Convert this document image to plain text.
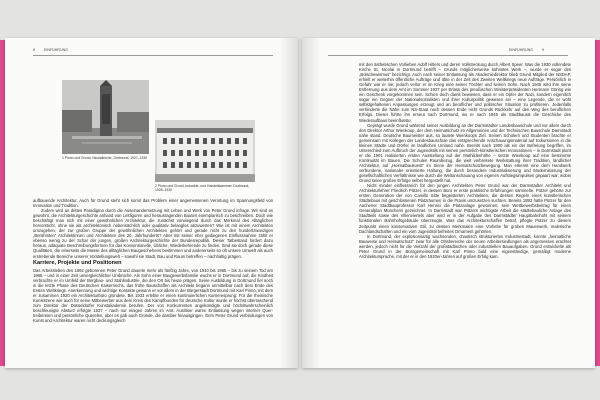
8	EINFÜHRUNG
1 Pinno und Grund, Nicolaikirche, Dortmund, 1927–1930
2 Pinno und Grund, Industrie- und Handelskammer, Dortmund, 1928–1930

aufbauende Architektur. Auch für Grund steht sich somit das Problem einer angemessenen Verortung im Spannungsfeld von Innovation und Tradition.

Zudem wird an drittes Paradigma durch die Auseinandersetzung mit Leben und Werk von Peter Grund infrage. Wir sind es gewohnt, die Architekturgeschichte anhand von Leitfiguren und herausragenden Bauten exemplarisch zu beschreiben. Doch wie beschäftigt man sich mit einer gewöhnlichen Architektur, die zunächst vorwiegend durch das Merkmal des Alltäglichen hervorsticht, ohne sie als architektonisch nebensächlich oder qualitativ belanglos abzuwerten? Wie ist mit einem Architekten umzugehen, der zur großen Gruppe der gewöhnlichen Architekten gehört und gerade nicht zu den hundertzwanzigen „Berühmten“ Architektinnen und Architekten des 20. Jahrhunderts? Aber mit seiner eher gediegenen Einflussnahme zählt er ebenso wenig zu der Schar der jungen, großen Architekturgeschichte der Bundesrepublik. Dieser Tatbestand fordert dazu heraus, adäquate Beschreibungsformen für das Konventionelle, Übliche, Wiederkehrende zu finden. Sind sie doch gerade diese Qualitäten, die einerseits die Masse des alltäglichen Baugeschehens bestimmen und andererseits so oft unsere Umwelt als auch erstrebende Bereiche unserer Vorstellungswelt – sowohl sie Stadt, Bau und Raum betreffen – nachhaltig prägen.

Karriere, Projekte und Positionen

Das Arbeitsleben des 1892 geborenen Peter Grund dauerte mehr als fünfzig Jahre, von 1910 bis 1965 – bis zu seinem Tod am 1966 – und in einer Zeit unvergleichlicher Umbrüche. Als Sohn einer Baugewerbsfamilie wuchs er in Dortmund auf; die Kindheit verbrachte er im Umfeld der Bergbau- und Stahlindustrie, die den Ort bis heute prägen. Seine Ausbildung in Dortmund fiel noch in die letzte Phase des Deutschen Kaiserreichs, das frühe Bauschaffen als Architekt begann unmittelbar nach dem Ende des Ersten Weltkriegs. Anerkennung und wichtige Kontakte gewann er vor allem in der Bürgerstadt Dortmund mit Karl Pinno, mit dem er zusammen 1920 ein Architekturbüro gründete. Bis 1933 erlebte er einen kontinuierlichen Karrieresprung: Für die rheinische Kunstszene wie auch für seine Mitbewerber aus dem Kreis des Kampfbundes für deutsche Kultur wurde er höchst überraschend zum Direktor der Düsseldorfer Kunstakademie berufen. Der von Konkurrenten angekündigte und höchstwahrscheinlich beschleunigte Absturz erfolgte 1937 – nach nur einigen Jahren im Amt. Auslöser waren Entlassung wegen interner Quer-treibereien und persönliche Querelen, aber es gab auch Gründe, die darüber hinausgingen. Dem Peter Grund verbindungen von Kunst und Architektur waren nicht deckungsgleich

EINFÜHRUNG	9

mit den ästhetischen Vorlieben Adolf Hitlers und deren Vollstreckung durch Albert Speer. Was die 1930 vollendete Kirche St. Nicolai in Dortmund betrifft – Grunds möglicherweise kühnstes Werk –, wurde er sogar des „Bolschewismus“ bezichtigt. Auch nach seiner Entlassung als Akademiedirektor blieb Grund Mitglied der NSDAP, erhielt er weiterhin öffentliche Aufträge und übte in der Zeit des Zweiten Weltkriegs neue Aufträge. Persönlich in Gefahr war er nie; jedoch verlor er im Krieg eine seiner Töchter und seinen Sohn. Nach 1945 wird ihm seine Entfernung aus dem Amt im Sommer 1937 per Erlass des preußischen Ministerpräsidenten Hermann Göring wie ein Geschenk vorgekommen sein. Schien doch damit bewiesen, dass er ein Opfer der Nazi, sondern eigentlich sogar ein Gegner der Nationalsozialisten und ihrer Kulturpolitik gewesen sei – eine Legende, die er wohl selbstgehaltenen Anpassungen erzeugt und an beruflicher und politischer Situation zu profitieren. Jedenfalls verhinderte die Nähe zum NS-Staat nach dessen Ende nicht Grunds Rückkehr auf den Weg des beruflichen Erfolgs. Dieser führte ihn erneut nach Dortmund, wo er nach 1945 als Stadtbaurat die Geschicke des Wiederaufbaus beeinflusste.

Geprägt wurde Grund während seiner Ausbildung an der Darmstädter Landesbauschule und vor allem durch den Direktor Arthur Wienkoop, der dem Heimatschutz im Allgemeinen und der Technischen Bauschule Darmstadt nahe stand. Deutsche Baumeister aus, so lautete Wienkoops Ziel. Seinen Schülern und Studenten brachte er gemeinsam mit Kollegen der Landesbauschule das entsprechende Anschauungsmaterial auf Exkursionen in die kleinen Städte und Dörfer im ländlichen Umland nahe. Bereits nach 1900 als ein der Befreiung begriffen, im Unterschied zum Aufbruch der Jugendstils mit seinen persönlich-künstlerischen Innovationen – in Darmstadt plant er die 1901 realisierten ersten Ausstellung auf der Mathildenhöhe – setzte Wienkoop auf eine bestimmte Kontinuität im Bauen. Die Schulen Raumbezug, die weit verbreitete Werkstattung ihrer Tradition, ländlicher Architektur, auf „Heimatbaukunst“ im Sinne der Heimatschutzbewegung. Man erkennt eine dem Handwerk verbundene, nationaler orientierte Haltung, die durch besondere Industrialisierung und Modernisierung der gesellschaftlichen Verhältnisse wie durch die Weltanschauung von eigenen Aufstiegsimpulsen gepaart war, wobei Grund seine großen Erfolge selbst hergestellt hat.

Nicht minder einflussreich für den jungen Architekten Peter Grund war der Darmstädter Architekt und Architekturlehrer Friedrich Pützer, in dessen Büro er erste praktische Erfahrungen sammelte. Pützer gehörte zur ersten Generation der von Camillo Sitte begeisterten Architekten, die dessen Regeln eines künstlerischen Städtebaus mit geschlossenen Platzräumen in die Praxis umzusetzen suchten. Bereits 1893 hatte Pützer für den Aachener Stadtbauprofessor Karl Henrici die Platzanlage gewonnen; sein Wettbewerbsbeitrag für einen Generalplan Münchens gezeichnet. In Darmstadt war Pützers wichtigste Arbeit die städtebauliche Anlage des Stadtteils sowie des Villenviertels aber wird er in der Aufgabe des Darmstädter Hauptbahnhofs mit seinem funktionalen Bahnhofsgebäude überzeugte. Was das Architekturschaffen betraf, pflegte Pützer zu diesem Zeitpunkt einen konservativen Stil, zu dessen Merkmalen eine Vorliebe für grobes Mauerwerk, malerische Dachlandschaften und ein vom Jugendstil befreites Ornament gehörten.

In Dortmund, der explosionsartig wachsenden, chaotisch strukturierten Industriestadt, konnte „heimatliche Bauweise und Heimatschutz“ zwar für alle Ortsbereiche der neuen Arbeitersiedlungen als angemessen erachtet werden, jedoch nicht für die Vielzahl der großstädtischen oder industriellen Bauaufgaben. Grund entwickelte als Peter Grund in der Bürogemeinschaft mit Karl Pinno bald eine eigenständige, gemäßigt moderne Architektursprache, mit der er in den 1920er-Jahren auf großen Erfolg kam.
